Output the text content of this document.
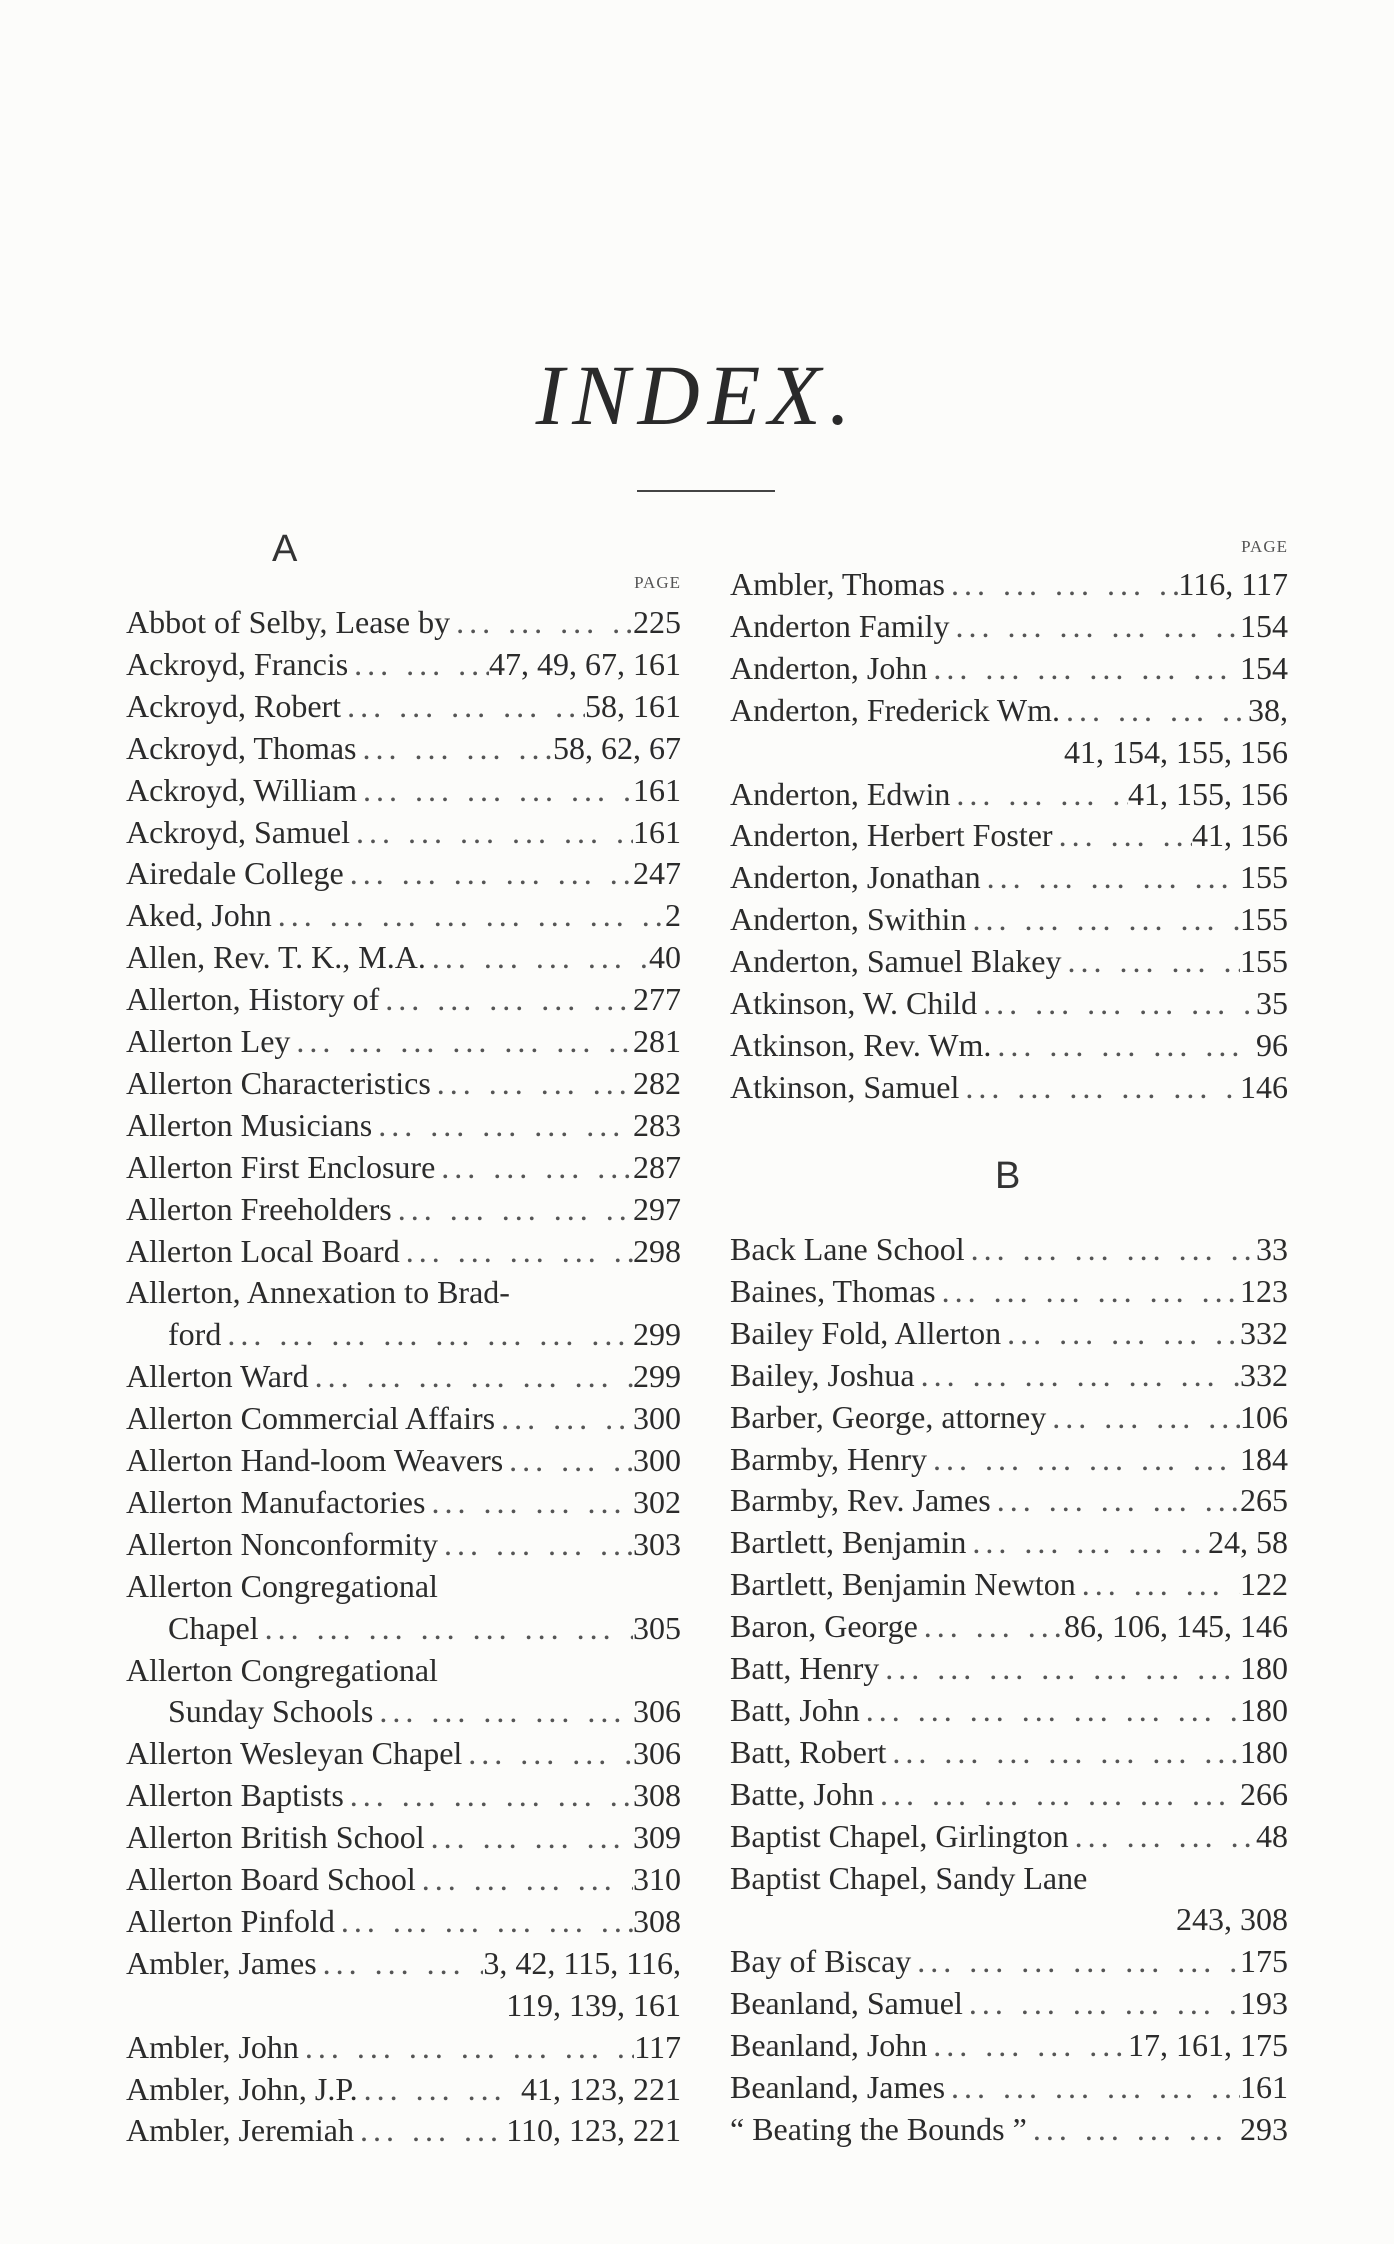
INDEX.
A
PAGE
Abbot of Selby, Lease by ... .	225
Ackroyd, Francis ... .	47, 49, 67, 161
Ackroyd, Robert ... .	58, 161
Ackroyd, Thomas ... .	58, 62, 67
Ackroyd, William ... .	161
Ackroyd, Samuel ... .	161
Airedale College ... .	247
Aked, John ... .	2
Allen, Rev. T. K., M.A. ... .	40
Allerton, History of ... .	277
Allerton Ley ... .	281
Allerton Characteristics ... .	282
Allerton Musicians ... .	283
Allerton First Enclosure ... .	287
Allerton Freeholders ... .	297
Allerton Local Board ... .	298
Allerton, Annexation to Brad-
ford ... .	299
Allerton Ward ... .	299
Allerton Commercial Affairs ... .	300
Allerton Hand-loom Weavers ... .	300
Allerton Manufactories ... .	302
Allerton Nonconformity ... .	303
Allerton Congregational
Chapel ... .	305
Allerton Congregational
Sunday Schools ... .	306
Allerton Wesleyan Chapel ... .	306
Allerton Baptists ... .	308
Allerton British School ... .	309
Allerton Board School ... .	310
Allerton Pinfold ... .	308
Ambler, James ... .	3, 42, 115, 116,
119, 139, 161
Ambler, John ... .	117
Ambler, John, J.P. ... .	41, 123, 221
Ambler, Jeremiah ... .	110, 123, 221
PAGE
Ambler, Thomas ... .	116, 117
Anderton Family ... .	154
Anderton, John ... .	154
Anderton, Frederick Wm. ... .	38,
41, 154, 155, 156
Anderton, Edwin ... .	41, 155, 156
Anderton, Herbert Foster ... .	41, 156
Anderton, Jonathan ... .	155
Anderton, Swithin ... .	155
Anderton, Samuel Blakey ... .	155
Atkinson, W. Child ... .	35
Atkinson, Rev. Wm. ... .	96
Atkinson, Samuel ... .	146
B
Back Lane School ... .	33
Baines, Thomas ... .	123
Bailey Fold, Allerton ... .	332
Bailey, Joshua ... .	332
Barber, George, attorney ... .	106
Barmby, Henry ... .	184
Barmby, Rev. James ... .	265
Bartlett, Benjamin ... .	24, 58
Bartlett, Benjamin Newton ... .	122
Baron, George ... .	86, 106, 145, 146
Batt, Henry ... .	180
Batt, John ... .	180
Batt, Robert ... .	180
Batte, John ... .	266
Baptist Chapel, Girlington ... .	48
Baptist Chapel, Sandy Lane
243, 308
Bay of Biscay ... .	175
Beanland, Samuel ... .	193
Beanland, John ... .	17, 161, 175
Beanland, James ... .	161
“ Beating the Bounds ” ... .	293
